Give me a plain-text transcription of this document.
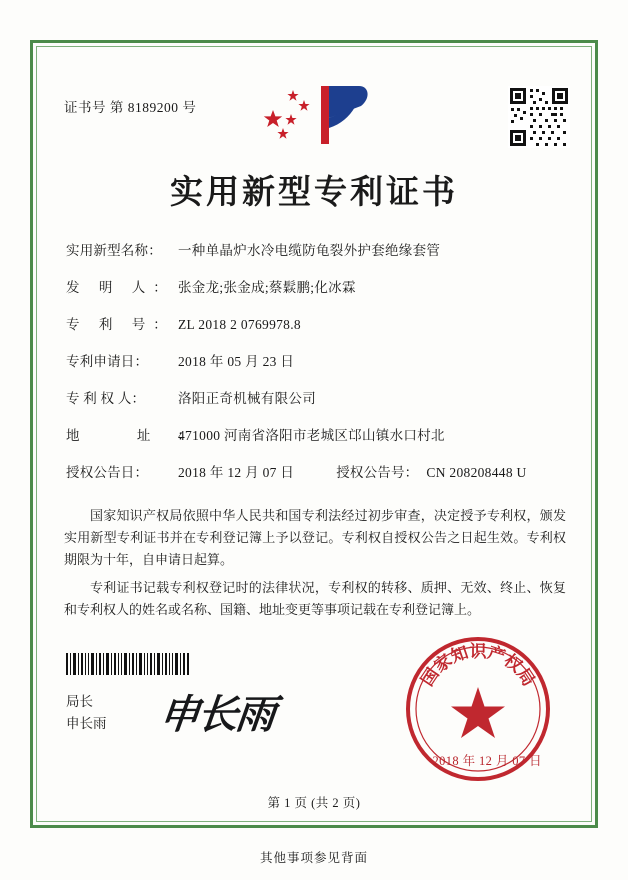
证书号 第 8189200 号
实用新型专利证书
实用新型名称：	一种单晶炉水冷电缆防龟裂外护套绝缘套管
发 明 人： 张金龙;张金成;蔡鬏鹏;化冰霖
专 利 号： ZL 2018 2 0769978.8
专利申请日：	2018 年 05 月 23 日
专 利 权 人：	洛阳正奇机械有限公司
地 址：
471000 河南省洛阳市老城区邙山镇水口村北
授权公告日：	2018 年 12 月 07 日	授权公告号： CN 208208448 U

国家知识产权局依照中华人民共和国专利法经过初步审查，决定授予专利权，颁发实用新型专利证书并在专利登记簿上予以登记。专利权自授权公告之日起生效。专利权期限为十年，自申请日起算。

专利证书记载专利权登记时的法律状况，专利权的转移、质押、无效、终止、恢复和专利权人的姓名或名称、国籍、地址变更等事项记载在专利登记簿上。

局长
申长雨 申长雨
国家知识产权局
2018 年 12 月 07 日
第 1 页 (共 2 页)
其他事项参见背面
